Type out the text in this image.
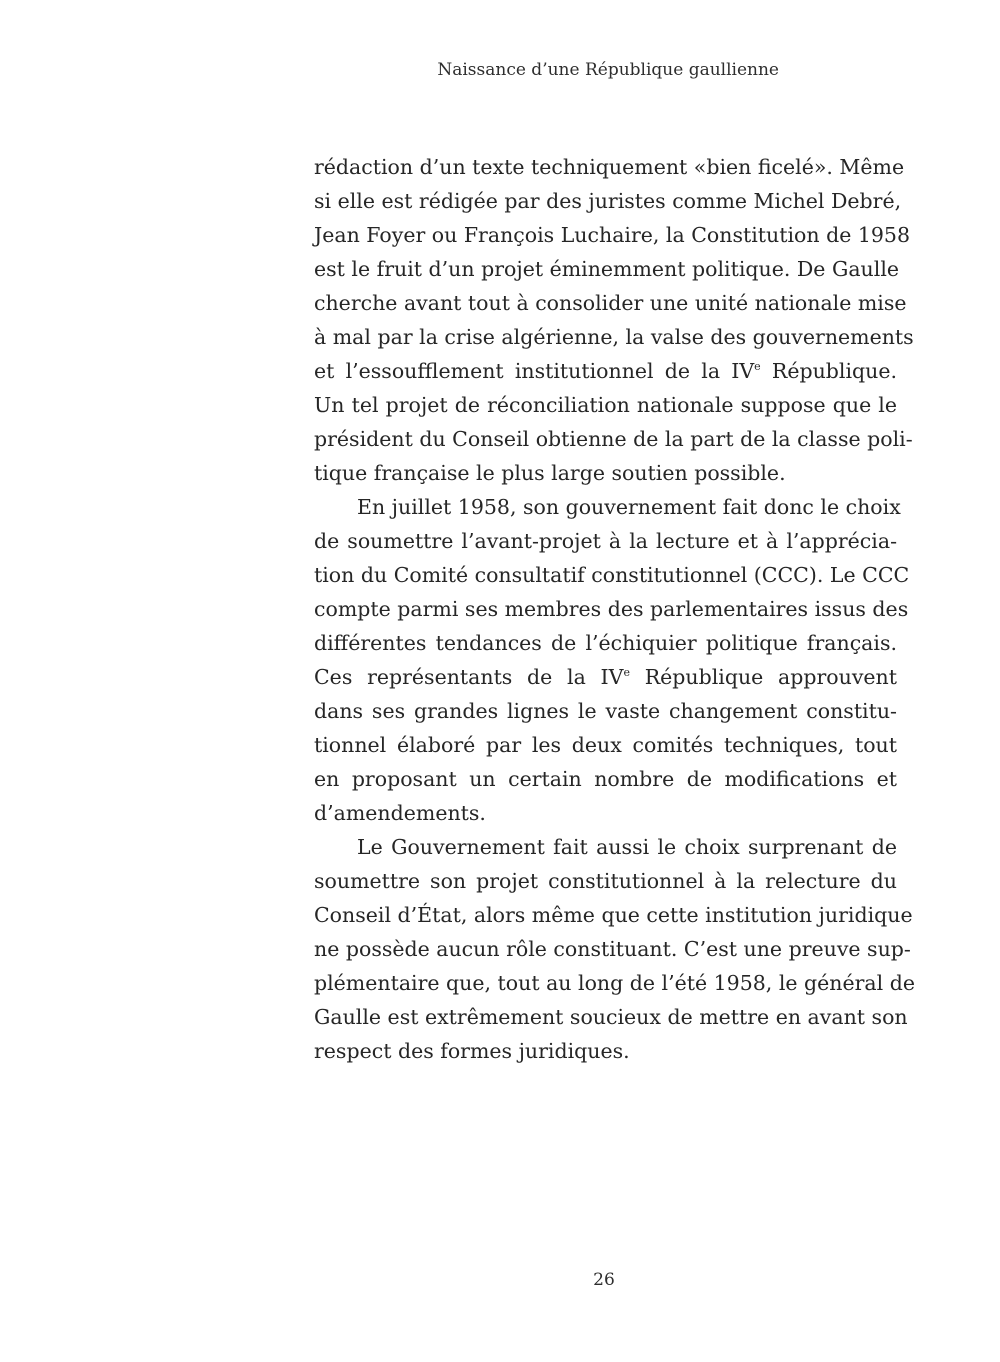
Naissance d’une République gaullienne
rédaction d’un texte techniquement «bien ficelé». Même
si elle est rédigée par des juristes comme Michel Debré,
Jean Foyer ou François Luchaire, la Constitution de 1958
est le fruit d’un projet éminemment politique. De Gaulle
cherche avant tout à consolider une unité nationale mise
à mal par la crise algérienne, la valse des gouvernements
et l’essoufflement institutionnel de la IVe République.
Un tel projet de réconciliation nationale suppose que le
président du Conseil obtienne de la part de la classe poli-
tique française le plus large soutien possible.
En juillet 1958, son gouvernement fait donc le choix
de soumettre l’avant-projet à la lecture et à l’apprécia-
tion du Comité consultatif constitutionnel (CCC). Le CCC
compte parmi ses membres des parlementaires issus des
différentes tendances de l’échiquier politique français.
Ces représentants de la IVe République approuvent
dans ses grandes lignes le vaste changement constitu-
tionnel élaboré par les deux comités techniques, tout
en proposant un certain nombre de modifications et
d’amendements.
Le Gouvernement fait aussi le choix surprenant de
soumettre son projet constitutionnel à la relecture du
Conseil d’État, alors même que cette institution juridique
ne possède aucun rôle constituant. C’est une preuve sup-
plémentaire que, tout au long de l’été 1958, le général de
Gaulle est extrêmement soucieux de mettre en avant son
respect des formes juridiques.
26
